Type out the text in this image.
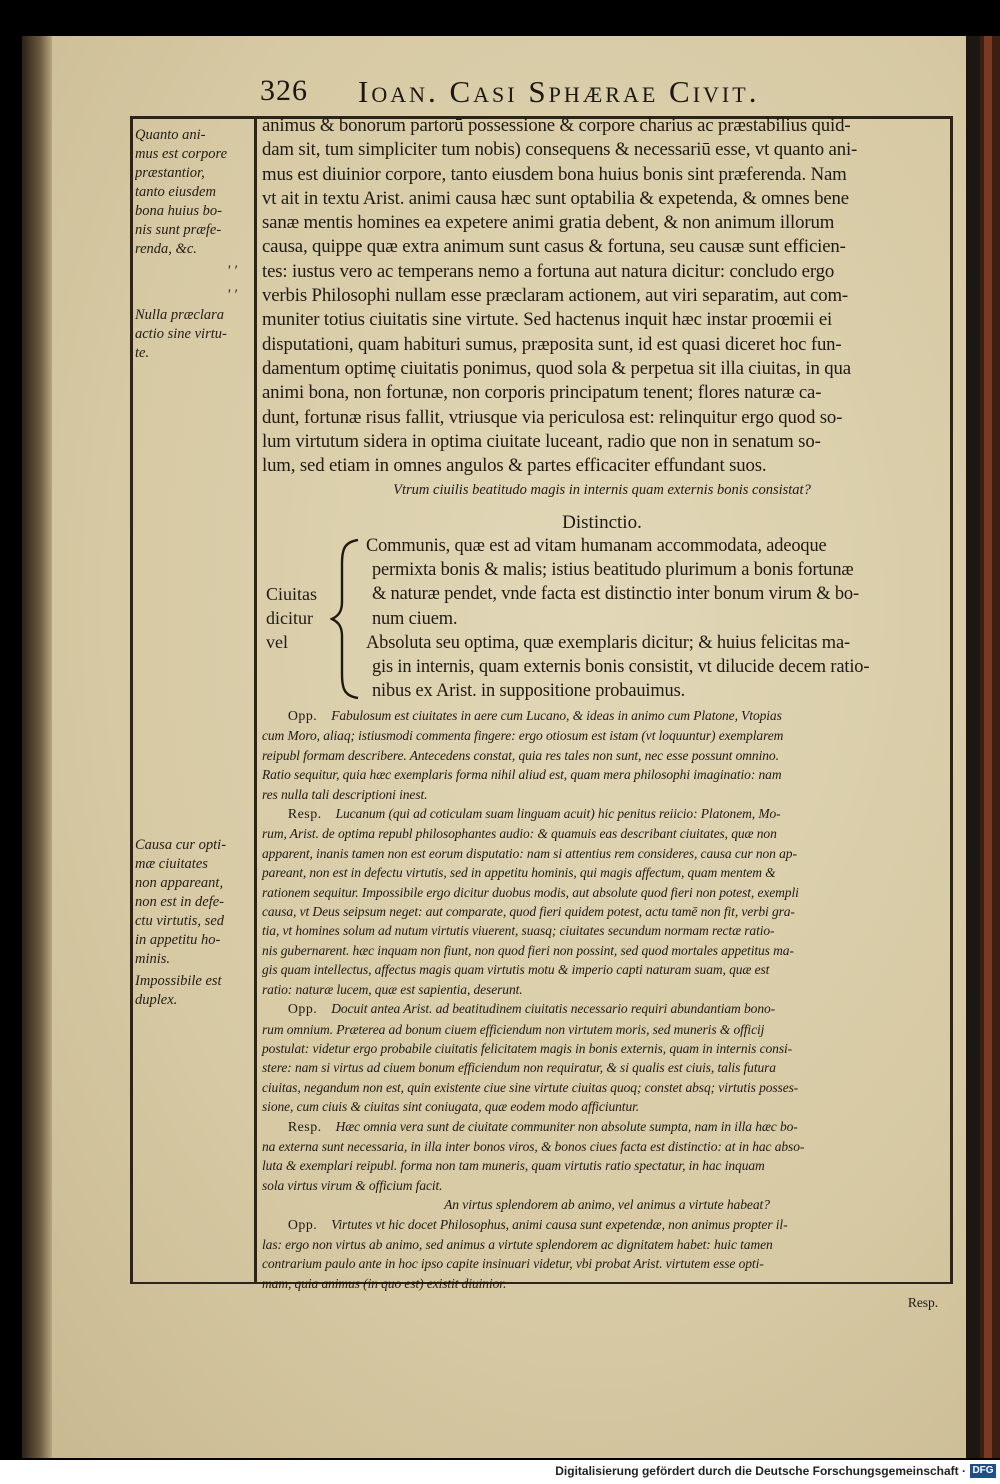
326 Ioan. Casi Sphærae Civit.
Quanto ani-
mus est corpore
præstantior,
tanto eiusdem
bona huius bo-
nis sunt præfe-
renda, &c.
' '
' '
Nulla præclara
actio sine virtu-
te.
Causa cur opti-
mæ ciuitates
non appareant,
non est in defe-
ctu virtutis, sed
in appetitu ho-
minis.
Impossibile est
duplex.
animus & bonorum partorū possessione & corpore charius ac præstabilius quid-
dam sit, tum simpliciter tum nobis) consequens & necessariū esse, vt quanto ani-
mus est diuinior corpore, tanto eiusdem bona huius bonis sint præferenda. Nam
vt ait in textu Arist. animi causa hæc sunt optabilia & expetenda, & omnes bene
sanæ mentis homines ea expetere animi gratia debent, & non animum illorum
causa, quippe quæ extra animum sunt casus & fortuna, seu causæ sunt efficien-
tes: iustus vero ac temperans nemo a fortuna aut natura dicitur: concludo ergo
verbis Philosophi nullam esse præclaram actionem, aut viri separatim, aut com-
muniter totius ciuitatis sine virtute. Sed hactenus inquit hæc instar proœmii ei
disputationi, quam habituri sumus, præposita sunt, id est quasi diceret hoc fun-
damentum optimę ciuitatis ponimus, quod sola & perpetua sit illa ciuitas, in qua
animi bona, non fortunæ, non corporis principatum tenent; flores naturæ ca-
dunt, fortunæ risus fallit, vtriusque via periculosa est: relinquitur ergo quod so-
lum virtutum sidera in optima ciuitate luceant, radio que non in senatum so-
lum, sed etiam in omnes angulos & partes efficaciter effundant suos.
Vtrum ciuilis beatitudo magis in internis quam externis bonis consistat?
Distinctio.
Ciuitas
dicitur
vel
Communis, quæ est ad vitam humanam accommodata, adeoque
permixta bonis & malis; istius beatitudo plurimum a bonis fortunæ
& naturæ pendet, vnde facta est distinctio inter bonum virum & bo-
num ciuem.
Absoluta seu optima, quæ exemplaris dicitur; & huius felicitas ma-
gis in internis, quam externis bonis consistit, vt dilucide decem ratio-
nibus ex Arist. in suppositione probauimus.
Opp. Fabulosum est ciuitates in aere cum Lucano, & ideas in animo cum Platone, Vtopias
cum Moro, aliaq; istiusmodi commenta fingere: ergo otiosum est istam (vt loquuntur) exemplarem
reipubl formam describere. Antecedens constat, quia res tales non sunt, nec esse possunt omnino.
Ratio sequitur, quia hæc exemplaris forma nihil aliud est, quam mera philosophi imaginatio: nam
res nulla tali descriptioni inest.
Resp. Lucanum (qui ad coticulam suam linguam acuit) hic penitus reiicio: Platonem, Mo-
rum, Arist. de optima republ philosophantes audio: & quamuis eas describant ciuitates, quæ non
apparent, inanis tamen non est eorum disputatio: nam si attentius rem consideres, causa cur non ap-
pareant, non est in defectu virtutis, sed in appetitu hominis, qui magis affectum, quam mentem &
rationem sequitur. Impossibile ergo dicitur duobus modis, aut absolute quod fieri non potest, exempli
causa, vt Deus seipsum neget: aut comparate, quod fieri quidem potest, actu tamē non fit, verbi gra-
tia, vt homines solum ad nutum virtutis viuerent, suasq; ciuitates secundum normam rectæ ratio-
nis gubernarent. hæc inquam non fiunt, non quod fieri non possint, sed quod mortales appetitus ma-
gis quam intellectus, affectus magis quam virtutis motu & imperio capti naturam suam, quæ est
ratio: naturæ lucem, quæ est sapientia, deserunt.
Opp. Docuit antea Arist. ad beatitudinem ciuitatis necessario requiri abundantiam bono-
rum omnium. Præterea ad bonum ciuem efficiendum non virtutem moris, sed muneris & officij
postulat: videtur ergo probabile ciuitatis felicitatem magis in bonis externis, quam in internis consi-
stere: nam si virtus ad ciuem bonum efficiendum non requiratur, & si qualis est ciuis, talis futura
ciuitas, negandum non est, quin existente ciue sine virtute ciuitas quoq; constet absq; virtutis posses-
sione, cum ciuis & ciuitas sint coniugata, quæ eodem modo afficiuntur.
Resp. Hæc omnia vera sunt de ciuitate communiter non absolute sumpta, nam in illa hæc bo-
na externa sunt necessaria, in illa inter bonos viros, & bonos ciues facta est distinctio: at in hac abso-
luta & exemplari reipubl. forma non tam muneris, quam virtutis ratio spectatur, in hac inquam
sola virtus virum & officium facit.
An virtus splendorem ab animo, vel animus a virtute habeat?
Opp. Virtutes vt hic docet Philosophus, animi causa sunt expetendæ, non animus propter il-
las: ergo non virtus ab animo, sed animus a virtute splendorem ac dignitatem habet: huic tamen
contrarium paulo ante in hoc ipso capite insinuari videtur, vbi probat Arist. virtutem esse opti-
mam, quia animus (in quo est) existit diuinior.
Resp.
Digitalisierung gefördert durch die Deutsche Forschungsgemeinschaft · DFG
